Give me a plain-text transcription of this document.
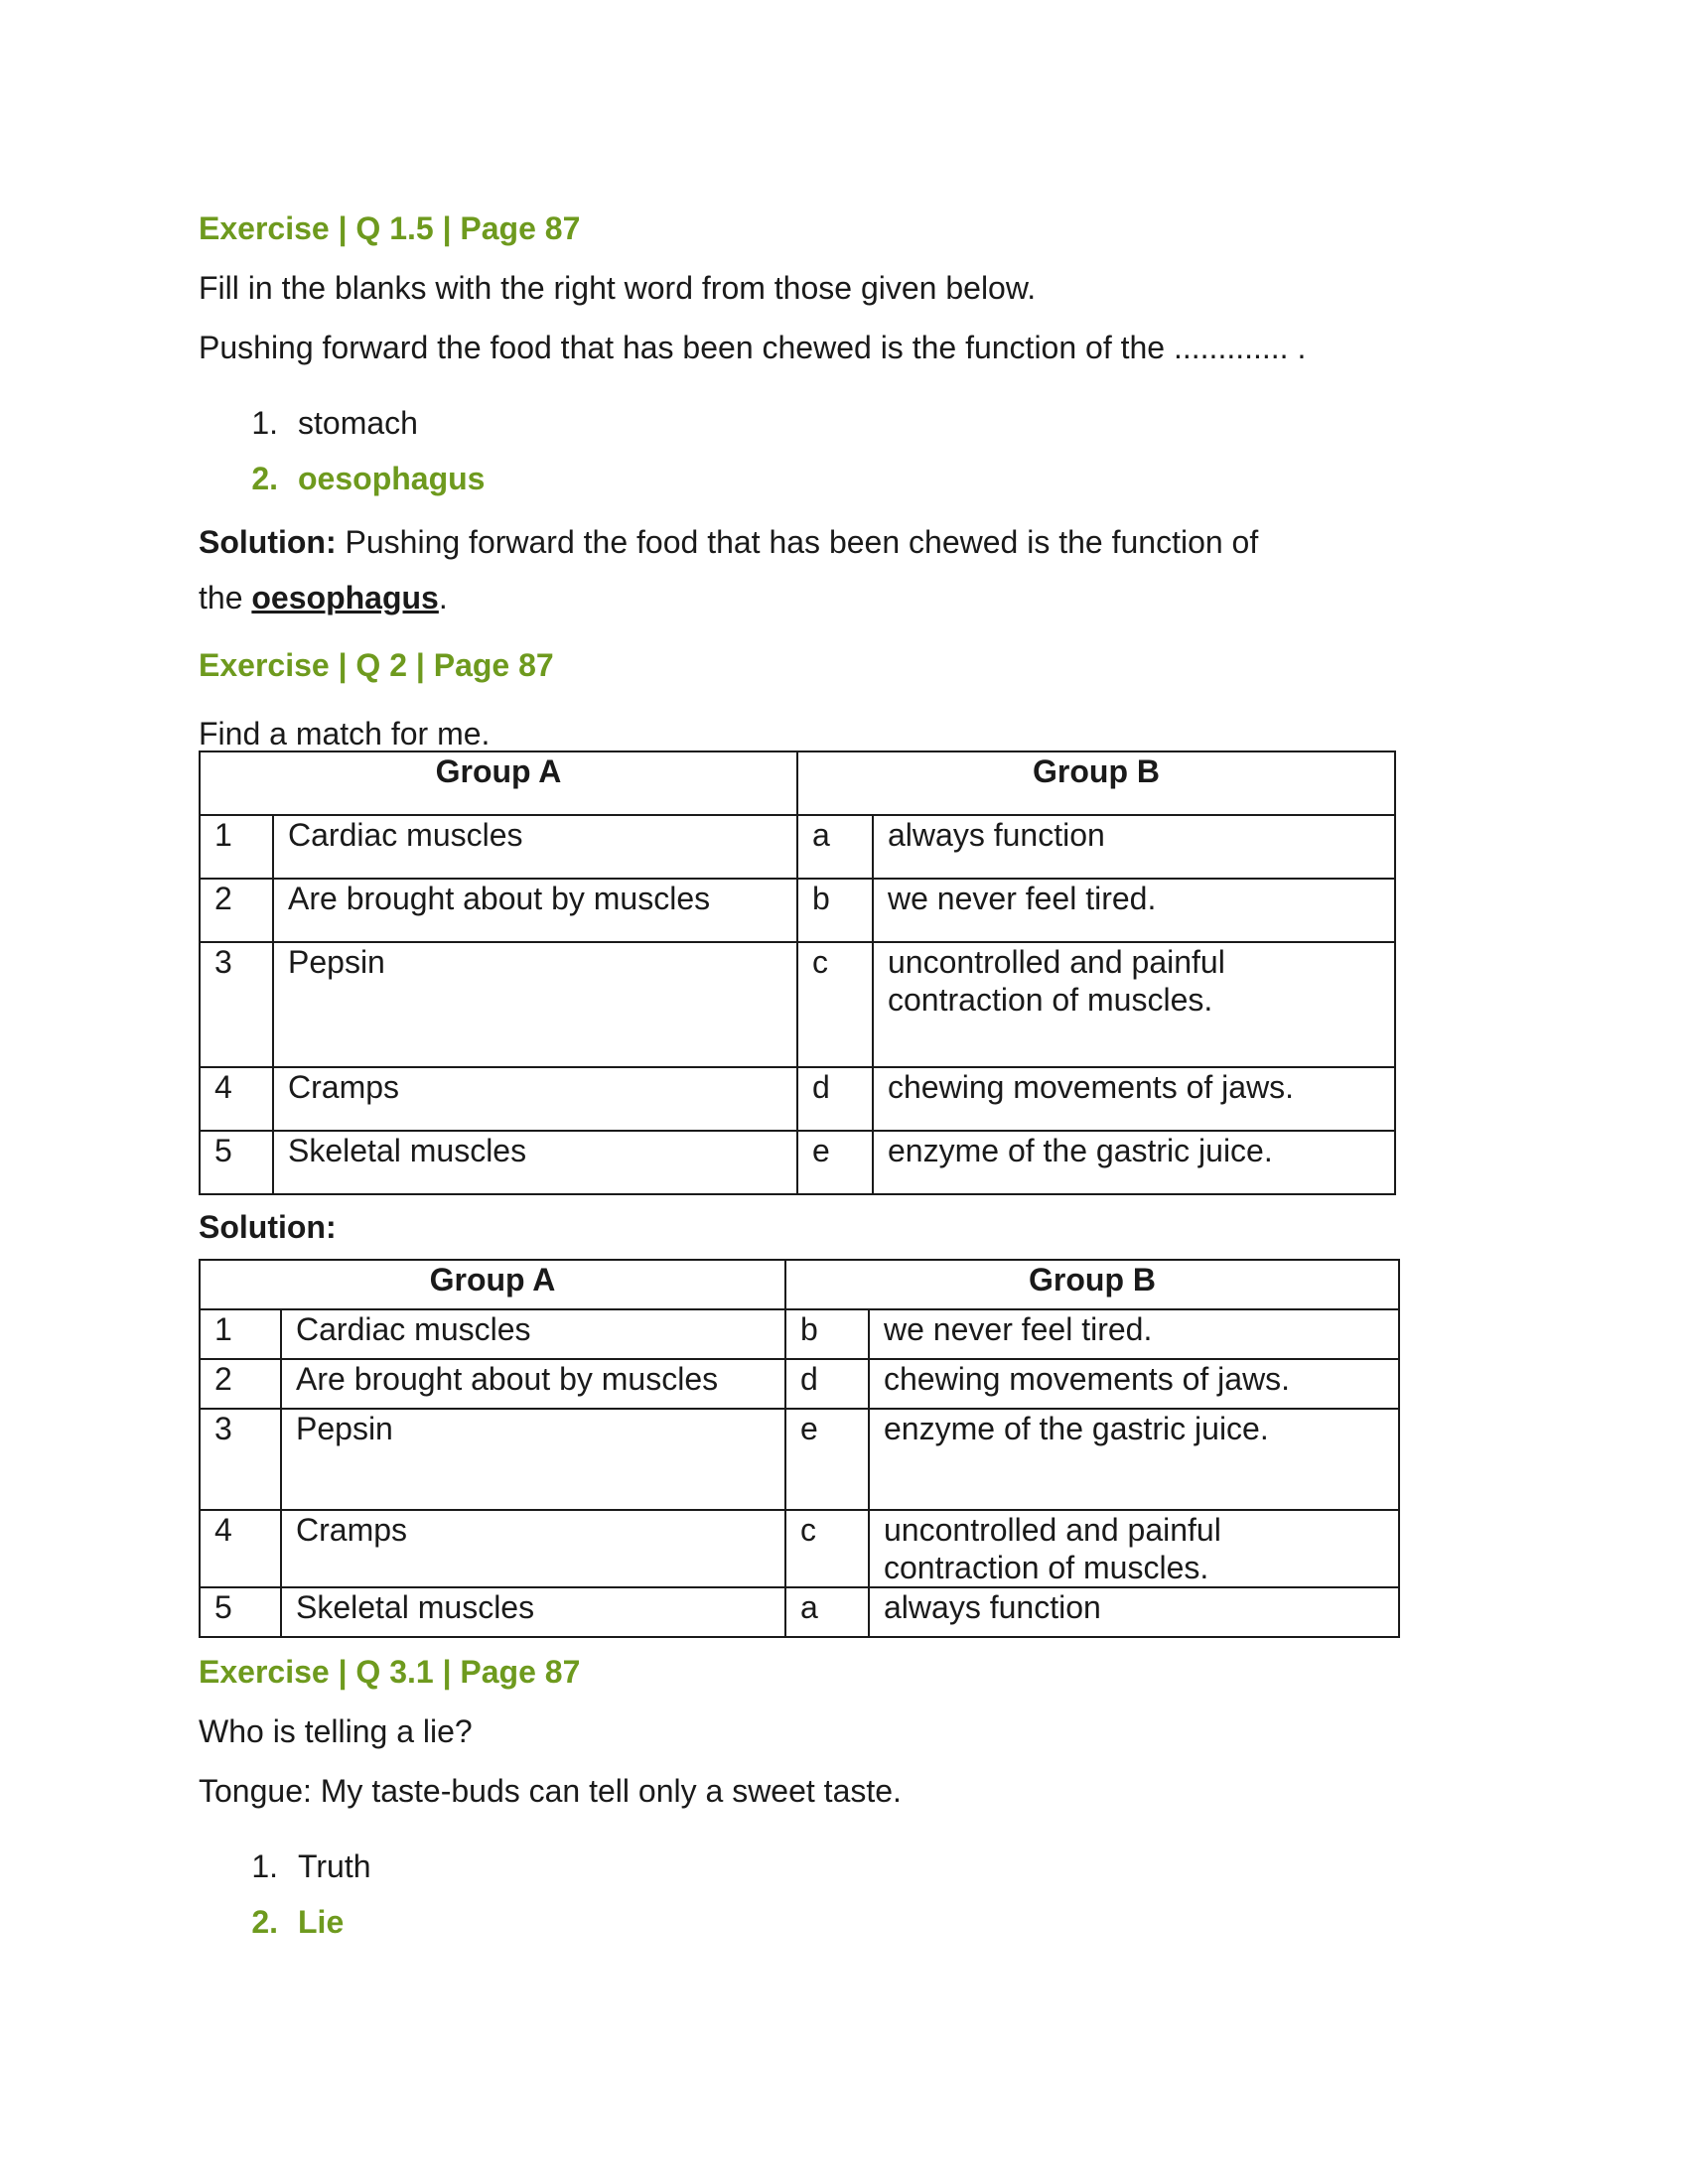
Exercise | Q 1.5 | Page 87

Fill in the blanks with the right word from those given below.

Pushing forward the food that has been chewed is the function of the ............. .

1. stomach
2. oesophagus

Solution: Pushing forward the food that has been chewed is the function of

the oesophagus.

Exercise | Q 2 | Page 87

Find a match for me.

Group A		Group B	
1	Cardiac muscles	a	always function
2	Are brought about by muscles	b	we never feel tired.
3	Pepsin	c	uncontrolled and painful contraction of muscles.
4	Cramps	d	chewing movements of jaws.
5	Skeletal muscles	e	enzyme of the gastric juice.

Solution:

Group A		Group B	
1	Cardiac muscles	b	we never feel tired.
2	Are brought about by muscles	d	chewing movements of jaws.
3	Pepsin	e	enzyme of the gastric juice.
4	Cramps	c	uncontrolled and painful contraction of muscles.
5	Skeletal muscles	a	always function

Exercise | Q 3.1 | Page 87

Who is telling a lie?

Tongue: My taste-buds can tell only a sweet taste.

1. Truth
2. Lie
